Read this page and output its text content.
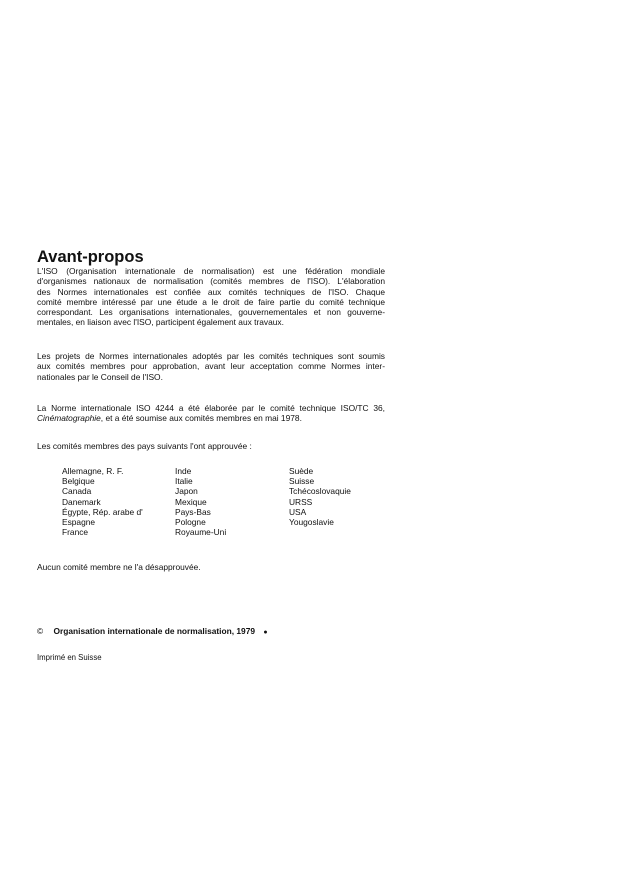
Avant-propos
L'ISO (Organisation internationale de normalisation) est une fédération mondiale
d'organismes nationaux de normalisation (comités membres de l'ISO). L'élaboration
des Normes internationales est confiée aux comités techniques de l'ISO. Chaque
comité membre intéressé par une étude a le droit de faire partie du comité technique
correspondant. Les organisations internationales, gouvernementales et non gouverne-
mentales, en liaison avec l'ISO, participent également aux travaux.
Les projets de Normes internationales adoptés par les comités techniques sont soumis
aux comités membres pour approbation, avant leur acceptation comme Normes inter-
nationales par le Conseil de l'ISO.
La Norme internationale ISO 4244 a été élaborée par le comité technique ISO/TC 36,
Cinématographie, et a été soumise aux comités membres en mai 1978.
Les comités membres des pays suivants l'ont approuvée :
Allemagne, R. F.
Belgique
Canada
Danemark
Égypte, Rép. arabe d'
Espagne
France
Inde
Italie
Japon
Mexique
Pays-Bas
Pologne
Royaume-Uni
Suède
Suisse
Tchécoslovaquie
URSS
USA
Yougoslavie
Aucun comité membre ne l'a désapprouvée.
© Organisation internationale de normalisation, 1979 ●
Imprimé en Suisse
